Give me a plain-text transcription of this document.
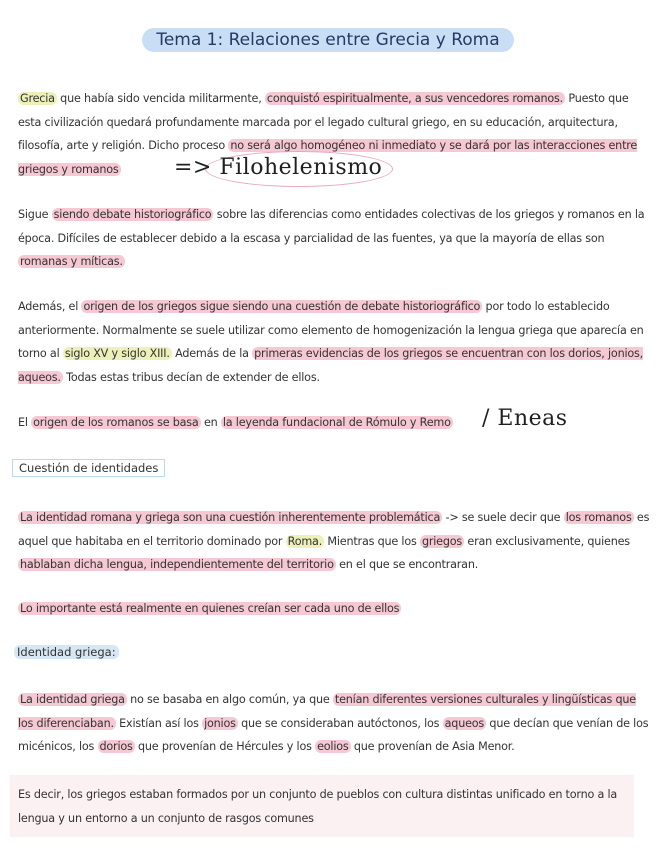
Tema 1: Relaciones entre Grecia y Roma
Grecia que había sido vencida militarmente, conquistó espiritualmente, a sus vencedores romanos. Puesto que esta civilización quedará profundamente marcada por el legado cultural griego, en su educación, arquitectura, filosofía, arte y religión. Dicho proceso no será algo homogéneo ni inmediato y se dará por las interacciones entre griegos y romanos	=> Filohelenismo
Sigue siendo debate historiográfico sobre las diferencias como entidades colectivas de los griegos y romanos en la época. Difíciles de establecer debido a la escasa y parcialidad de las fuentes, ya que la mayoría de ellas son romanas y míticas.
Además, el origen de los griegos sigue siendo una cuestión de debate historiográfico por todo lo establecido anteriormente. Normalmente se suele utilizar como elemento de homogenización la lengua griega que aparecía en torno al siglo XV y siglo XIII. Además de la primeras evidencias de los griegos se encuentran con los dorios, jonios, aqueos. Todas estas tribus decían de extender de ellos.
El origen de los romanos se basa en la leyenda fundacional de Rómulo y Remo	/ Eneas
Cuestión de identidades
La identidad romana y griega son una cuestión inherentemente problemática -> se suele decir que los romanos es aquel que habitaba en el territorio dominado por Roma. Mientras que los griegos eran exclusivamente, quienes hablaban dicha lengua, independientemente del territorio en el que se encontraran.
Lo importante está realmente en quienes creían ser cada uno de ellos
Identidad griega:
La identidad griega no se basaba en algo común, ya que tenían diferentes versiones culturales y lingüísticas que los diferenciaban. Existían así los jonios que se consideraban autóctonos, los aqueos que decían que venían de los micénicos, los dorios que provenían de Hércules y los eolios que provenían de Asia Menor.
Es decir, los griegos estaban formados por un conjunto de pueblos con cultura distintas unificado en torno a la lengua y un entorno a un conjunto de rasgos comunes
